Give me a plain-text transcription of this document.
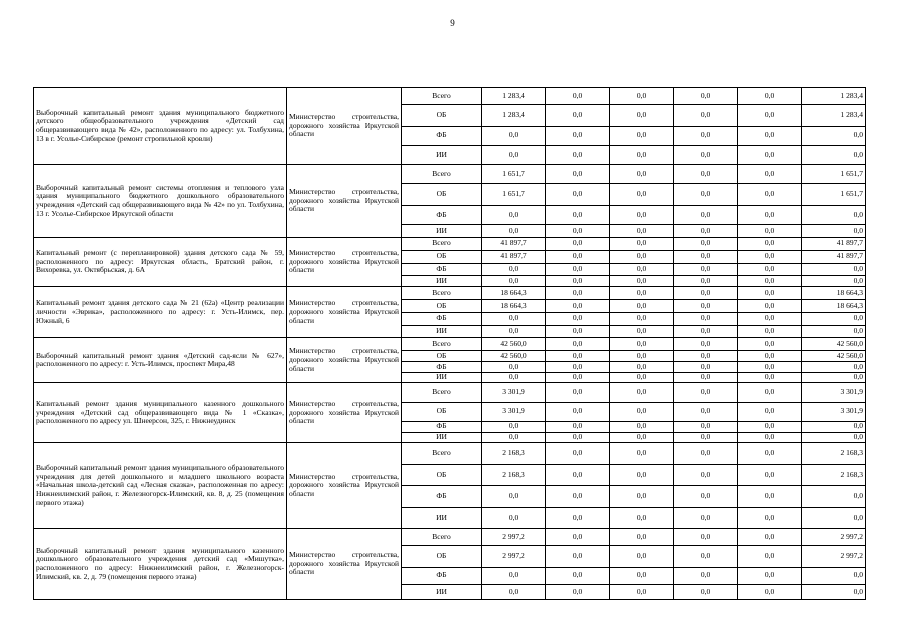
9
Выборочный капитальный ремонт здания муниципального бюджетного детского общеобразовательного учреждения «Детский сад общеразвивающего вида № 42», расположенного по адресу: ул. Толбухина, 13 в г. Усолье-Сибирское (ремонт стропильной кровли)	Министерство строительства, дорожного хозяйства Иркутской области	Всего	1 283,4	0,0	0,0	0,0	0,0	1 283,4
		ОБ	1 283,4	0,0	0,0	0,0	0,0	1 283,4
		ФБ	0,0	0,0	0,0	0,0	0,0	0,0
		ИИ	0,0	0,0	0,0	0,0	0,0	0,0
Выборочный капитальный ремонт системы отопления и теплового узла здания муниципального бюджетного дошкольного образовательного учреждения «Детский сад общеразвивающего вида № 42» по ул. Толбухина, 13 г. Усолье-Сибирское Иркутской области	Министерство строительства, дорожного хозяйства Иркутской области	Всего	1 651,7	0,0	0,0	0,0	0,0	1 651,7
		ОБ	1 651,7	0,0	0,0	0,0	0,0	1 651,7
		ФБ	0,0	0,0	0,0	0,0	0,0	0,0
		ИИ	0,0	0,0	0,0	0,0	0,0	0,0
Капитальный ремонт (с перепланировкой) здания детского сада № 59, расположенного по адресу: Иркутская область, Братский район, г. Вихоревка, ул. Октябрьская, д. 6А	Министерство строительства, дорожного хозяйства Иркутской области	Всего	41 897,7	0,0	0,0	0,0	0,0	41 897,7
		ОБ	41 897,7	0,0	0,0	0,0	0,0	41 897,7
		ФБ	0,0	0,0	0,0	0,0	0,0	0,0
		ИИ	0,0	0,0	0,0	0,0	0,0	0,0
Капитальный ремонт здания детского сада № 21 (62а) «Центр реализации личности «Эврика», расположенного по адресу: г. Усть-Илимск, пер. Южный, 6	Министерство строительства, дорожного хозяйства Иркутской области	Всего	18 664,3	0,0	0,0	0,0	0,0	18 664,3
		ОБ	18 664,3	0,0	0,0	0,0	0,0	18 664,3
		ФБ	0,0	0,0	0,0	0,0	0,0	0,0
		ИИ	0,0	0,0	0,0	0,0	0,0	0,0
Выборочный капитальный ремонт здания «Детский сад-ясли № 627», расположенного по адресу: г. Усть-Илимск, проспект Мира,48	Министерство строительства, дорожного хозяйства Иркутской области	Всего	42 560,0	0,0	0,0	0,0	0,0	42 560,0
		ОБ	42 560,0	0,0	0,0	0,0	0,0	42 560,0
		ФБ	0,0	0,0	0,0	0,0	0,0	0,0
		ИИ	0,0	0,0	0,0	0,0	0,0	0,0
Капитальный ремонт здания муниципального казенного дошкольного учреждения «Детский сад общеразвивающего вида № 1 «Сказка», расположенного по адресу ул. Шнеерсон, 325, г. Нижнеудинск	Министерство строительства, дорожного хозяйства Иркутской области	Всего	3 301,9	0,0	0,0	0,0	0,0	3 301,9
		ОБ	3 301,9	0,0	0,0	0,0	0,0	3 301,9
		ФБ	0,0	0,0	0,0	0,0	0,0	0,0
		ИИ	0,0	0,0	0,0	0,0	0,0	0,0
Выборочный капитальный ремонт здания муниципального образовательного учреждения для детей дошкольного и младшего школьного возраста «Начальная школа-детский сад «Лесная сказка», расположенная по адресу: Нижнеилимский район, г. Железногорск-Илимский, кв. 8, д. 25 (помещения первого этажа)	Министерство строительства, дорожного хозяйства Иркутской области	Всего	2 168,3	0,0	0,0	0,0	0,0	2 168,3
		ОБ	2 168,3	0,0	0,0	0,0	0,0	2 168,3
		ФБ	0,0	0,0	0,0	0,0	0,0	0,0
		ИИ	0,0	0,0	0,0	0,0	0,0	0,0
Выборочный капитальный ремонт здания муниципального казенного дошкольного образовательного учреждения детский сад «Мишутка», расположенного по адресу: Нижнеилимский район, г. Железногорск-Илимский, кв. 2, д. 79 (помещения первого этажа)	Министерство строительства, дорожного хозяйства Иркутской области	Всего	2 997,2	0,0	0,0	0,0	0,0	2 997,2
		ОБ	2 997,2	0,0	0,0	0,0	0,0	2 997,2
		ФБ	0,0	0,0	0,0	0,0	0,0	0,0
		ИИ	0,0	0,0	0,0	0,0	0,0	0,0
